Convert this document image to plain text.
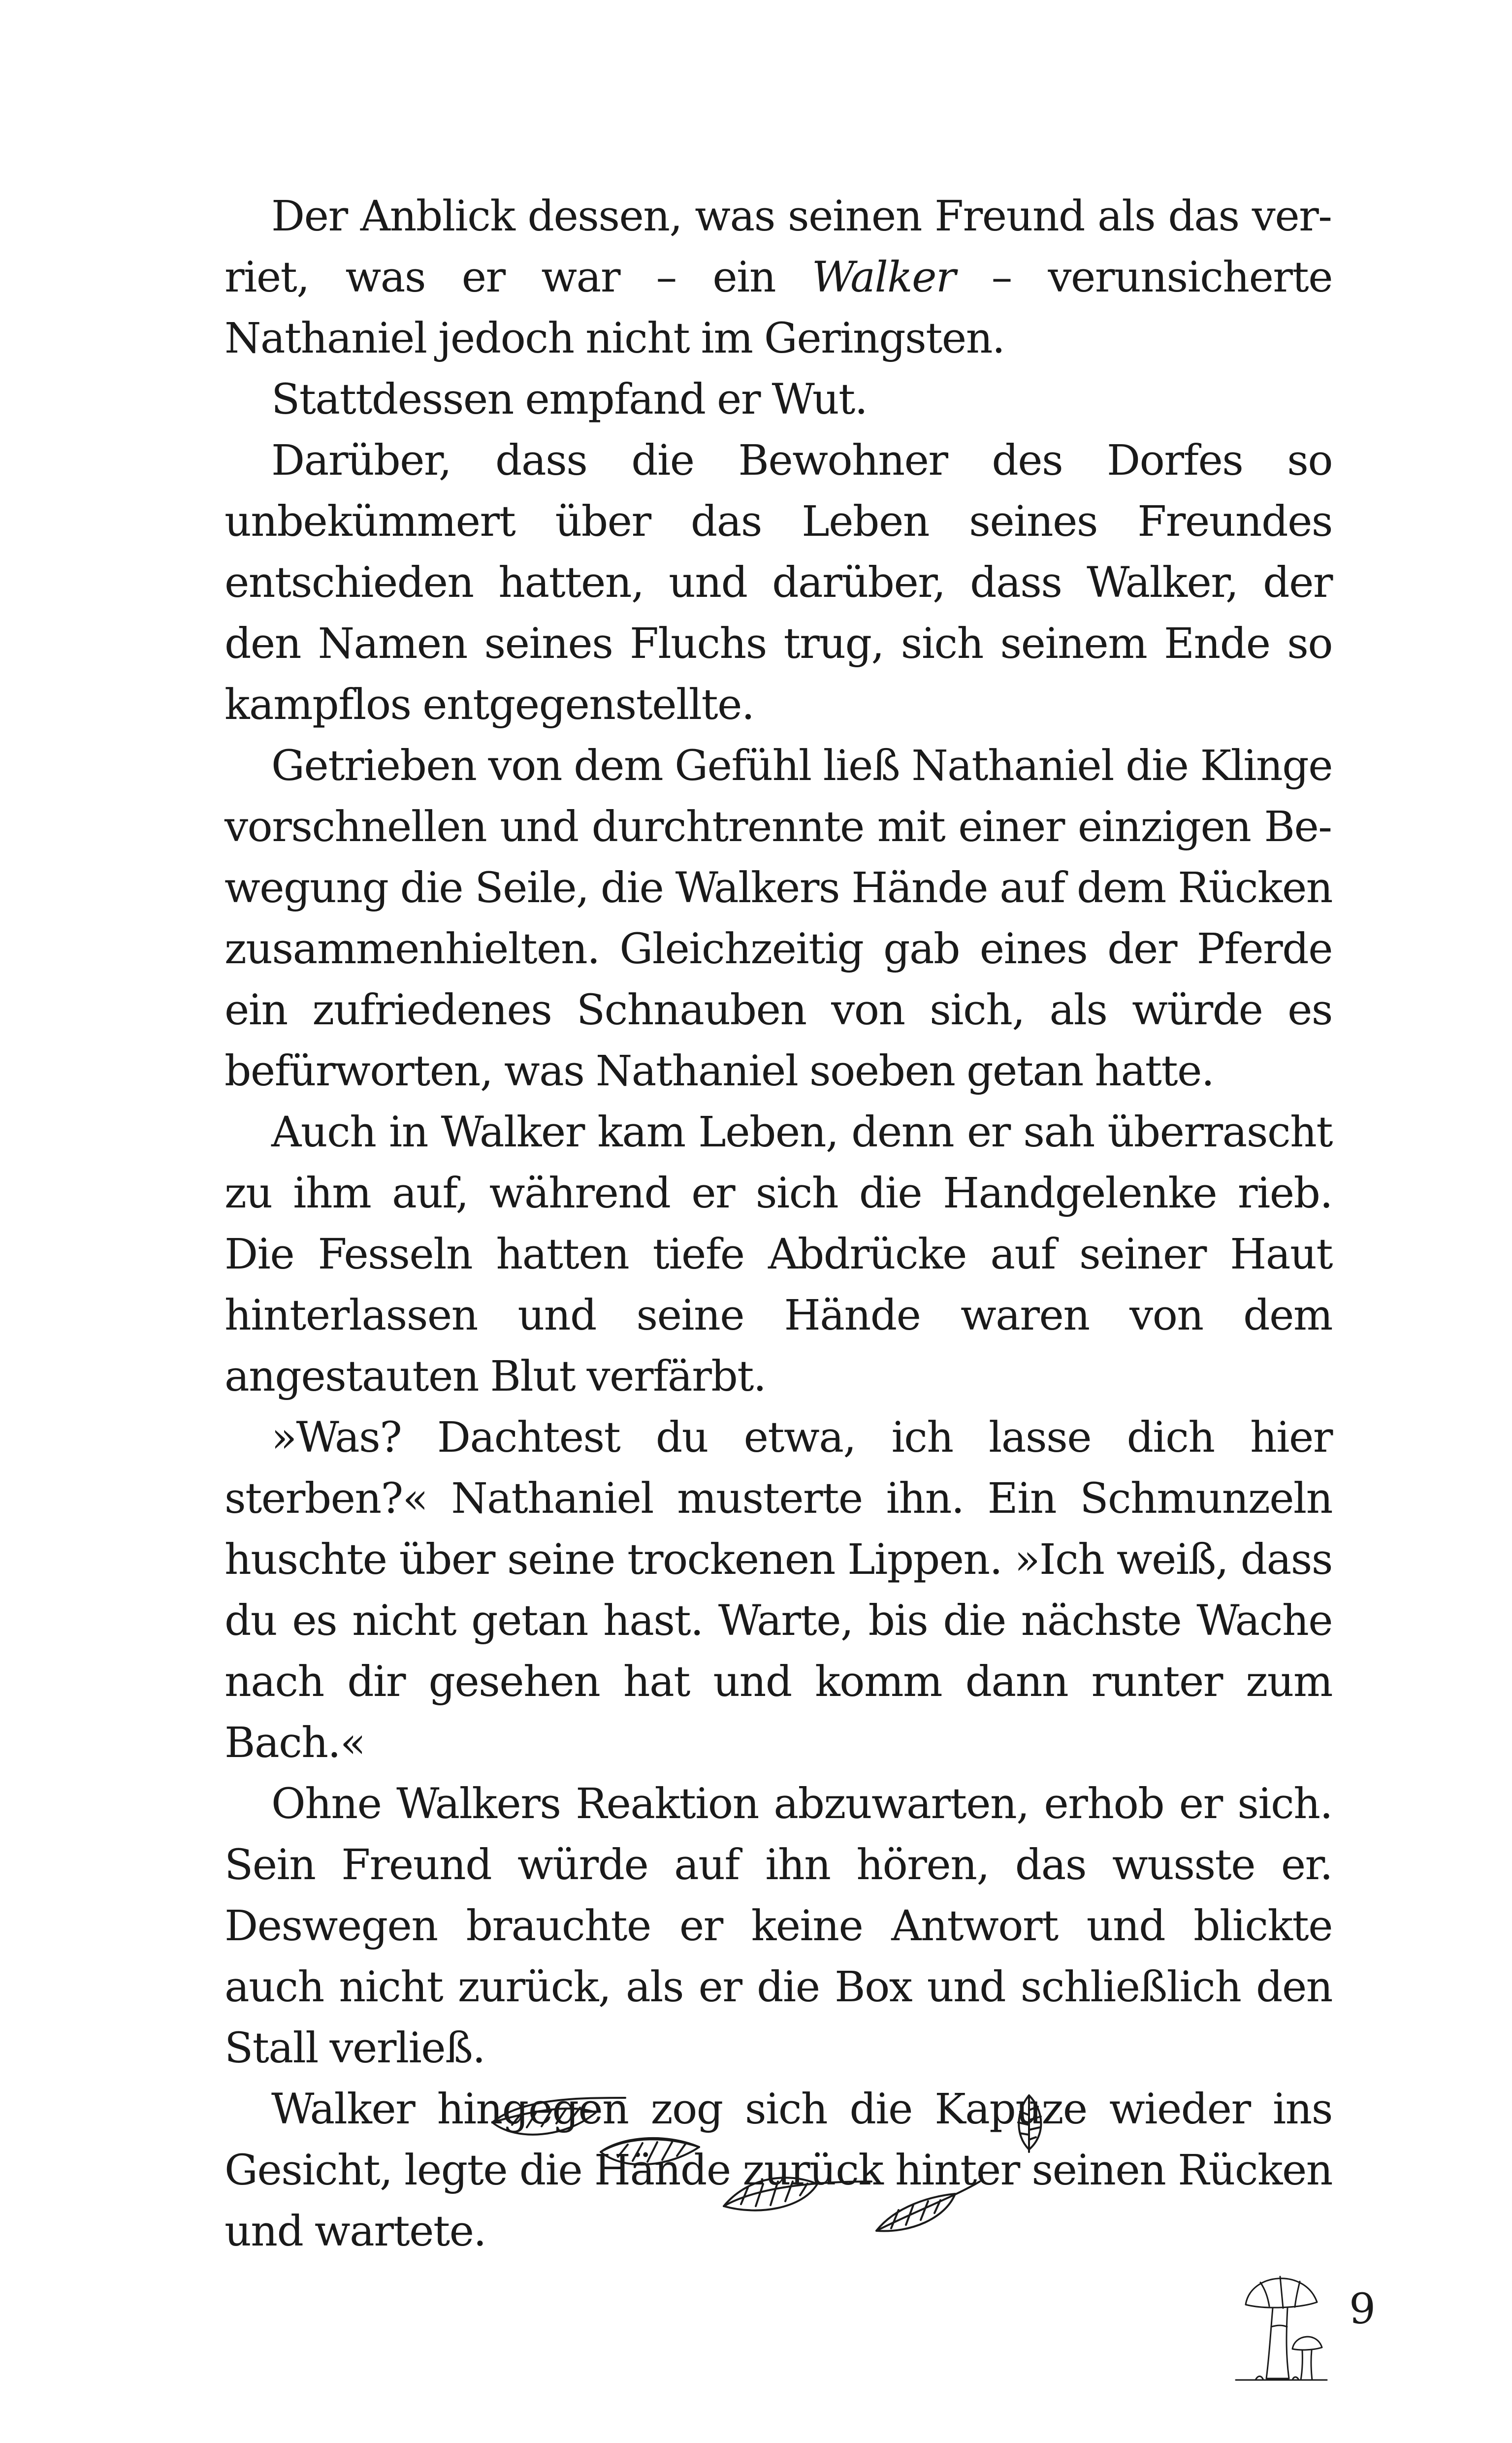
Der Anblick dessen, was seinen Freund als das verriet, was er war – ein Walker – verunsicherte Nathaniel jedoch nicht im Geringsten.

Stattdessen empfand er Wut.

Darüber, dass die Bewohner des Dorfes so unbekümmert über das Leben seines Freundes entschieden hatten, und darüber, dass Walker, der den Namen seines Fluchs trug, sich seinem Ende so kampflos entgegenstellte.

Getrieben von dem Gefühl ließ Nathaniel die Klinge vorschnellen und durchtrennte mit einer einzigen Bewegung die Seile, die Walkers Hände auf dem Rücken zusammenhielten. Gleichzeitig gab eines der Pferde ein zufriedenes Schnauben von sich, als würde es befürworten, was Nathaniel soeben getan hatte.

Auch in Walker kam Leben, denn er sah überrascht zu ihm auf, während er sich die Handgelenke rieb. Die Fesseln hatten tiefe Abdrücke auf seiner Haut hinterlassen und seine Hände waren von dem angestauten Blut verfärbt.

»Was? Dachtest du etwa, ich lasse dich hier sterben?« Nathaniel musterte ihn. Ein Schmunzeln huschte über seine trockenen Lippen. »Ich weiß, dass du es nicht getan hast. Warte, bis die nächste Wache nach dir gesehen hat und komm dann runter zum Bach.«

Ohne Walkers Reaktion abzuwarten, erhob er sich. Sein Freund würde auf ihn hören, das wusste er. Deswegen brauchte er keine Antwort und blickte auch nicht zurück, als er die Box und schließlich den Stall verließ.

Walker hingegen zog sich die Kapuze wieder ins Gesicht, legte die Hände zurück hinter seinen Rücken und wartete.

9
